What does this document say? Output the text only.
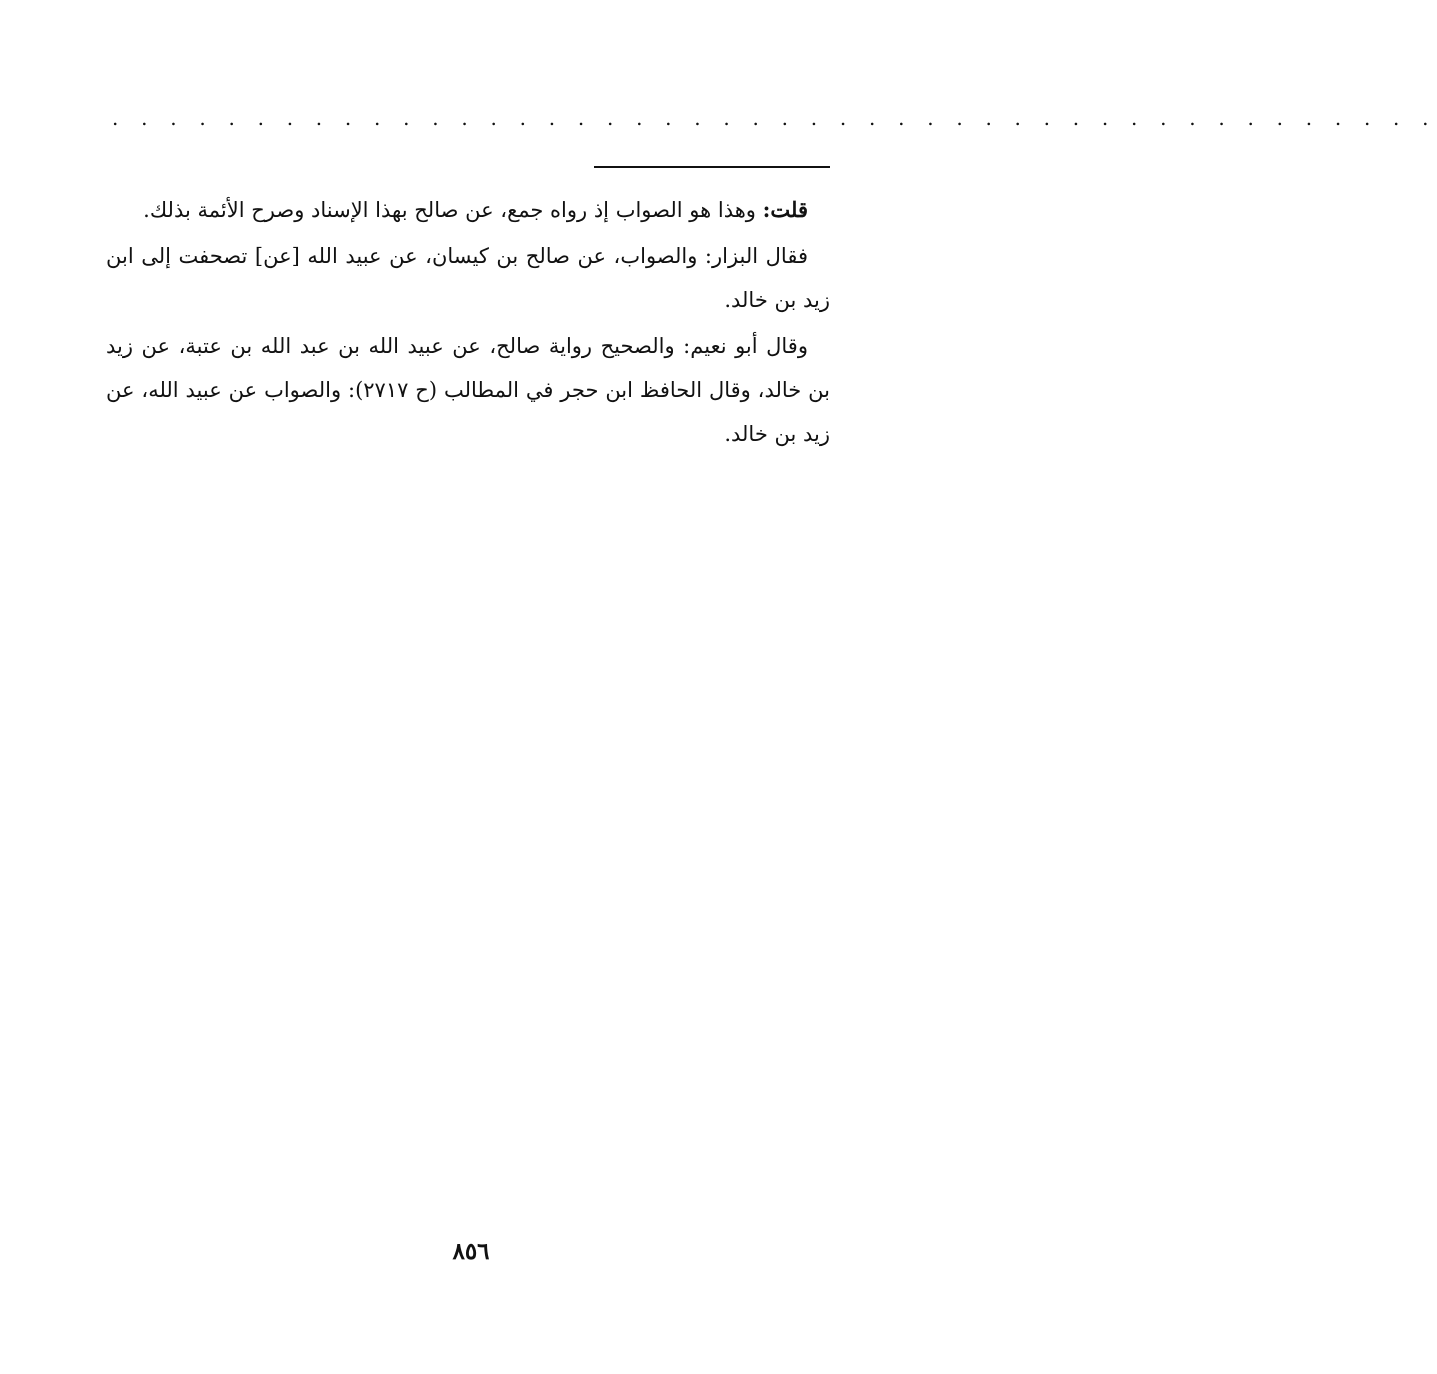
. . . . . . . . . . . . . . . . . . . . . . . . . . . . . . . . . . . . . . . . . . . . . .

قلت: وهذا هو الصواب إذ رواه جمع، عن صالح بهذا الإسناد وصرح الأئمة بذلك.

فقال البزار: والصواب، عن صالح بن كيسان، عن عبيد الله [عن] تصحفت إلى ابن زيد بن خالد.

وقال أبو نعيم: والصحيح رواية صالح، عن عبيد الله بن عبد الله بن عتبة، عن زيد بن خالد، وقال الحافظ ابن حجر في المطالب (ح ٢٧١٧): والصواب عن عبيد الله، عن زيد بن خالد.

٨٥٦
